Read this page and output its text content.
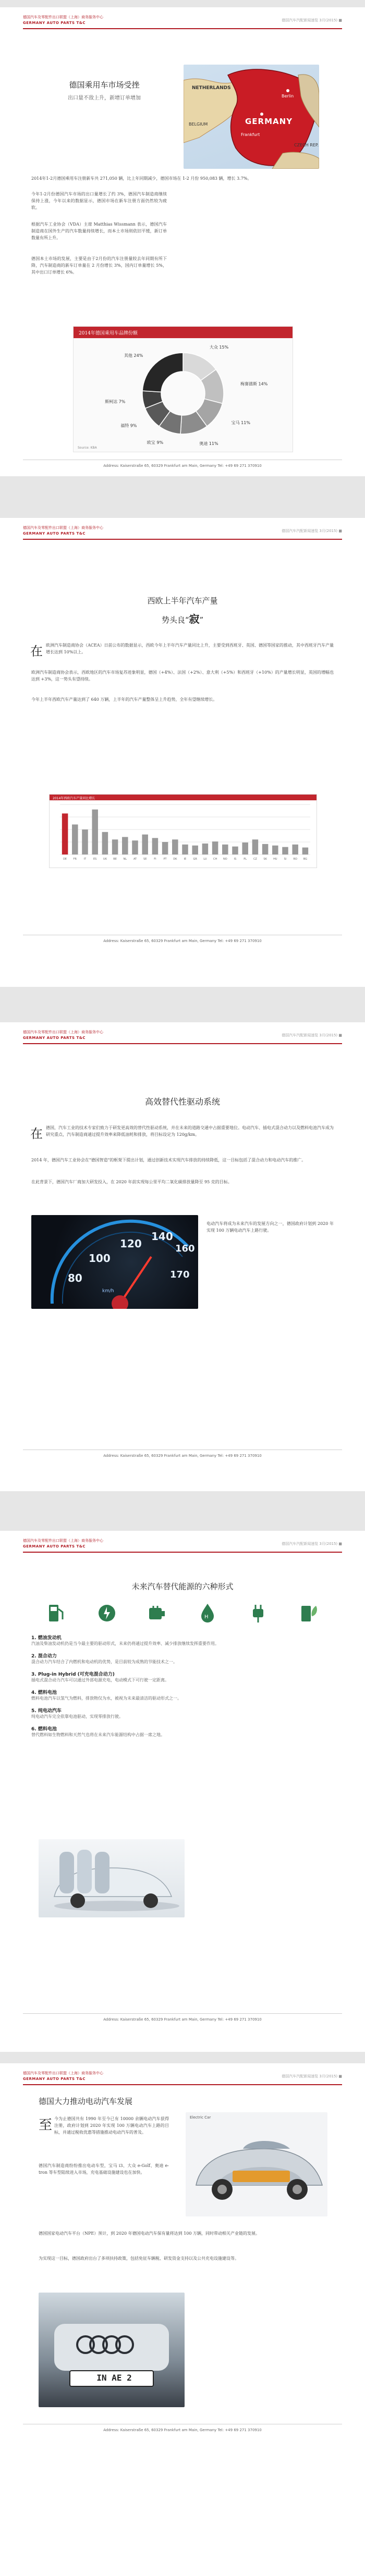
德国汽车及零配件出口联盟（上海）商务服务中心
GERMANY AUTO PARTS T&C
德国汽车汽配新闻速览 3月(2015) ■
德国乘用车市场受挫
出口量不敌上升，新增订单增加
NETHERLANDS
GERMANY
Berlin
Frankfurt
BELGIUM
CZECH REP.
2014年1-2月德国乘用车注册新车共 271,050 辆，比上年同期减少，德国市场在 1-2 月份 950,083 辆，增长 3.7%。
今年1-2月份德国汽车市场的出口量增长了约 3%，德国汽车制造商继续保持上涨，今年以来的数据显示，德国市场在新车注册方面仍然较为疲软。
根据汽车工业协会（VDA）主席 Matthias Wissmann 表示，德国汽车制造商在国外生产的汽车数量持续增长，而本土市场则依旧平缓，新订单数量有所上升。
德国本土市场的发展，主要是由于2月份的汽车注册量较去年同期有所下降，汽车制造商的新车订单量在 2 月份增长 3%，国内订单量增长 5%，其中出口订单增长 6%。
2014年德国乘用车品牌份额
大众 15%
梅赛德斯 14%
宝马 11%
奥迪 11%
欧宝 9%
福特 9%
斯柯达 7%
其他 24%
Source: KBA
Address: Kaiserstraße 65, 60329 Frankfurt am Main, Germany Tel: +49 69 271 370910
德国汽车及零配件出口联盟（上海）商务服务中心
GERMANY AUTO PARTS T&C
德国汽车汽配新闻速览 3月(2015) ■
西欧上半年汽车产量
势头良“寂”
在 欧洲汽车制造商协会（ACEA）日前公布的数据显示，西欧今年上半年汽车产量同比上升，主要受到西班牙、英国、德国等国家的推动，其中西班牙汽车产量增长达到 10%以上。
欧洲汽车制造商协会表示，西欧地区的汽车市场复苏迹象明显，德国（+4%）、法国（+2%）、意大利（+5%）和西班牙（+10%）的产量增长明显，英国的增幅也达到 +3%，这一势头有望持续。
今年上半年西欧汽车产量达到了 640 万辆，上半年的汽车产量整体呈上升趋势，全年有望继续增长。
2014年西欧汽车产量同比增长
DE	FR	IT	ES	UK BE	NL	AT	SE	FI	PT	DK	IE	GR LU CH NO	IS	PL	CZ	SK HU	SI	RO BG
Address: Kaiserstraße 65, 60329 Frankfurt am Main, Germany Tel: +49 69 271 370910
德国汽车及零配件出口联盟（上海）商务服务中心
GERMANY AUTO PARTS T&C
德国汽车汽配新闻速览 3月(2015) ■
高效替代性驱动系统
在 德国，汽车工业的技术专家们致力于研发更高效的替代性驱动系统，并在未来的道路交通中占据重要地位。电动汽车、插电式混合动力以及燃料电池汽车成为研究重点，汽车制造商通过提升效率来降低油耗和排放，将目标设定为 120g/km。
2014 年，德国汽车工业协会在"德国智造"的框架下提出计划，通过创新技术实现汽车排放的持续降低，这一目标包括了混合动力和电动汽车的推广。
在此背景下，德国汽车厂商加大研发投入，在 2020 年前实现每公里平均二氧化碳排放量降至 95 克的目标。
80
100
120
140
160
170
km/h
电动汽车将成为未来汽车的发展方向之一，德国政府计划到 2020 年实现 100 万辆电动汽车上路行驶。
Address: Kaiserstraße 65, 60329 Frankfurt am Main, Germany Tel: +49 69 271 370910
德国汽车及零配件出口联盟（上海）商务服务中心
GERMANY AUTO PARTS T&C
德国汽车汽配新闻速览 3月(2015) ■
未来汽车替代能源的六种形式
H
1. 燃油发动机
汽油及柴油发动机仍是当今最主要的驱动形式，未来仍将通过提升效率、减少排放继续发挥重要作用。
2. 混合动力
混合动力汽车结合了内燃机和电动机的优势，是目前较为成熟的节能技术之一。
3. Plug-in Hybrid (可充电混合动力)
插电式混合动力汽车可以通过外部电源充电，电动模式下可行驶一定距离。
4. 燃料电池
燃料电池汽车以氢气为燃料，排放物仅为水，被视为未来最清洁的驱动形式之一。
5. 纯电动汽车
纯电动汽车完全依靠电池驱动，实现零排放行驶。
6. 燃料电池
替代燃料如生物燃料和天然气也将在未来汽车能源结构中占据一席之地。
Address: Kaiserstraße 65, 60329 Frankfurt am Main, Germany Tel: +49 69 271 370910
德国汽车及零配件出口联盟（上海）商务服务中心
GERMANY AUTO PARTS T&C
德国汽车汽配新闻速览 3月(2015) ■
德国大力推动电动汽车发展
至 今为止德国共有 1990 年至今已有 10000 余辆电动汽车获得注册，政府计划到 2020 年实现 100 万辆电动汽车上路的目标，并通过税收优惠等措施推动电动汽车的普及。
德国汽车制造商纷纷推出电动车型，宝马 i3、大众 e-Golf、奥迪 e-tron 等车型陆续进入市场，充电基础设施建设也在加快。
Electric Car
德国国家电动汽车平台（NPE）预计，到 2020 年德国电动汽车保有量将达到 100 万辆，同时带动相关产业链的发展。
为实现这一目标，德国政府出台了多项扶持政策，包括免征车辆税、研发资金支持以及公共充电设施建设等。
IN AE 2
Address: Kaiserstraße 65, 60329 Frankfurt am Main, Germany Tel: +49 69 271 370910
